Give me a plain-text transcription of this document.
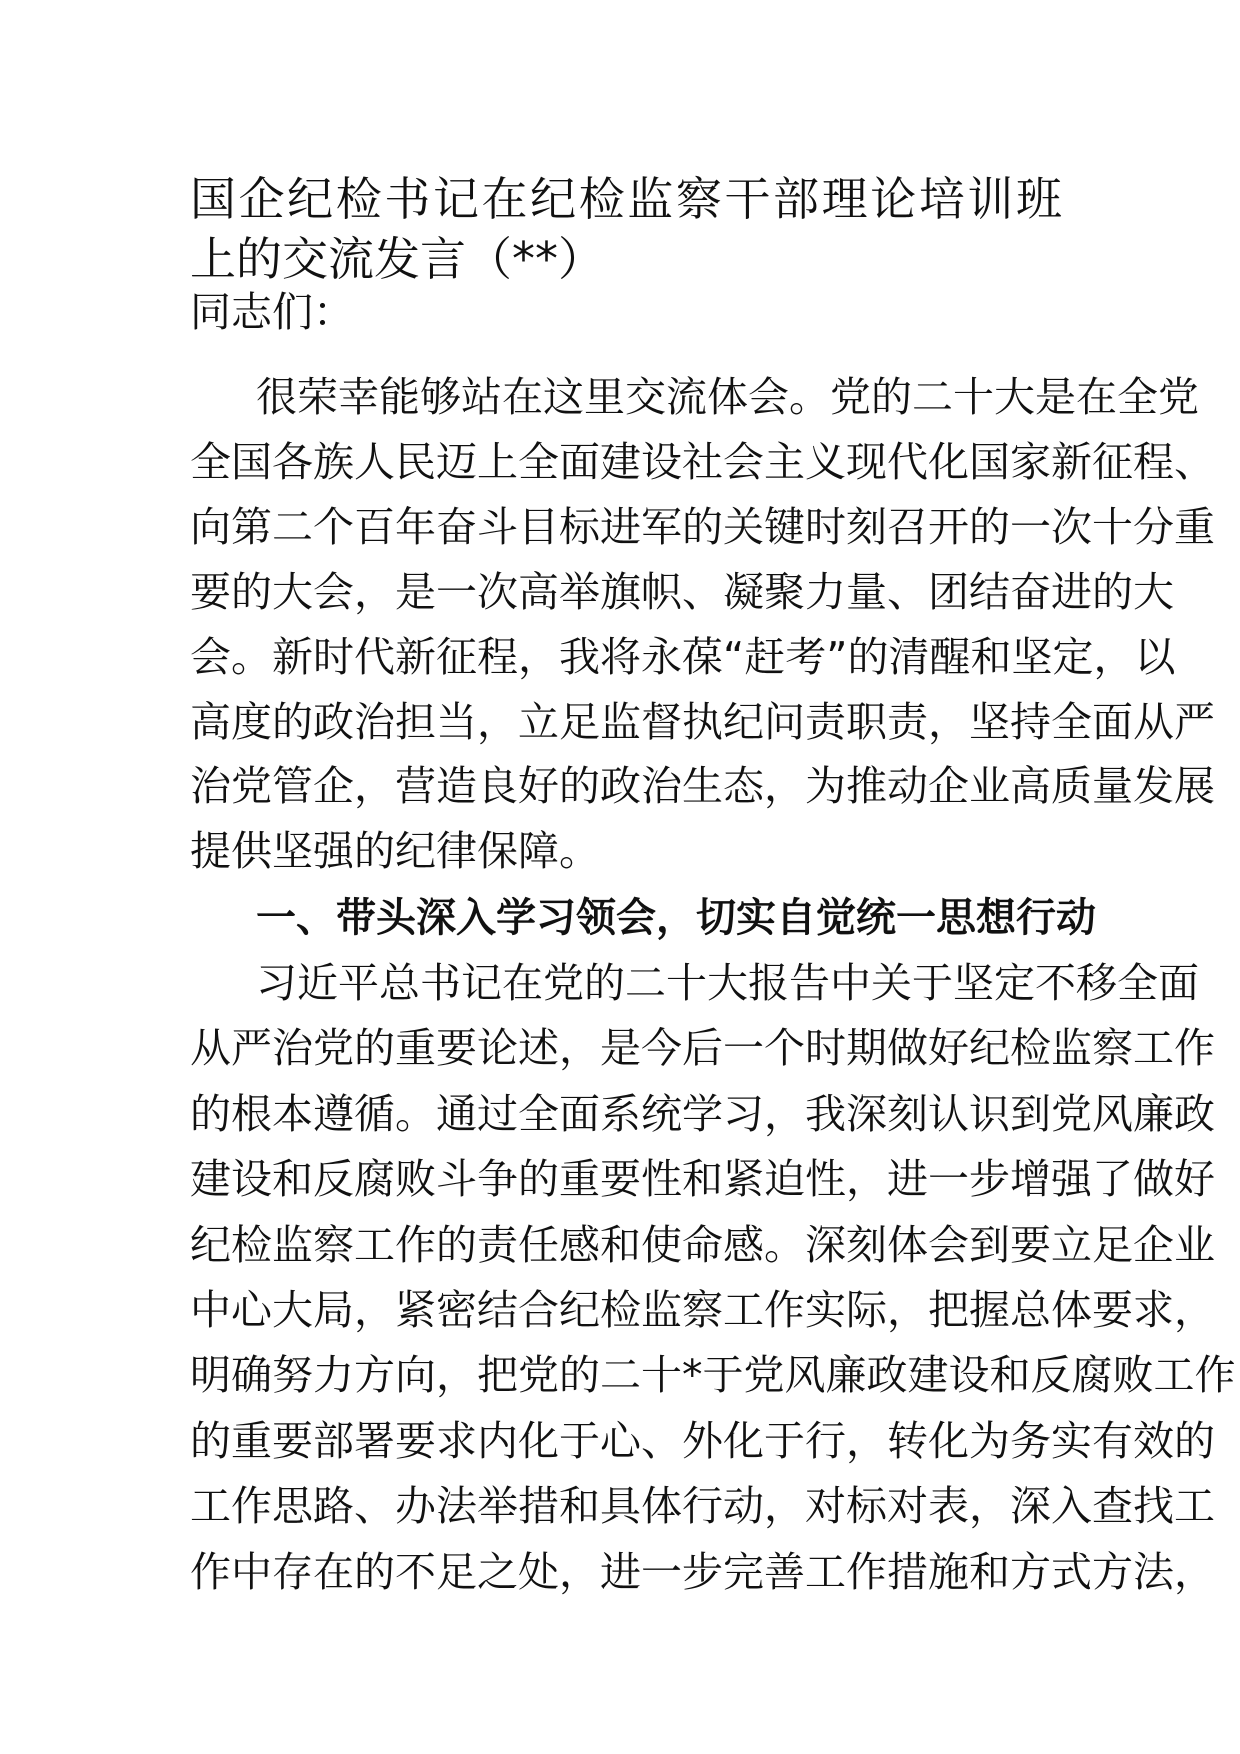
国企纪检书记在纪检监察干部理论培训班
上的交流发言（**）
同志们：
很荣幸能够站在这里交流体会。党的二十大是在全党
全国各族人民迈上全面建设社会主义现代化国家新征程、
向第二个百年奋斗目标进军的关键时刻召开的一次十分重
要的大会，是一次高举旗帜、凝聚力量、团结奋进的大
会。新时代新征程，我将永葆“赶考”的清醒和坚定，以
高度的政治担当，立足监督执纪问责职责，坚持全面从严
治党管企，营造良好的政治生态，为推动企业高质量发展
提供坚强的纪律保障。
一、带头深入学习领会，切实自觉统一思想行动
习近平总书记在党的二十大报告中关于坚定不移全面
从严治党的重要论述，是今后一个时期做好纪检监察工作
的根本遵循。通过全面系统学习，我深刻认识到党风廉政
建设和反腐败斗争的重要性和紧迫性，进一步增强了做好
纪检监察工作的责任感和使命感。深刻体会到要立足企业
中心大局，紧密结合纪检监察工作实际，把握总体要求，
明确努力方向，把党的二十*于党风廉政建设和反腐败工作
的重要部署要求内化于心、外化于行，转化为务实有效的
工作思路、办法举措和具体行动，对标对表，深入查找工
作中存在的不足之处，进一步完善工作措施和方式方法，
